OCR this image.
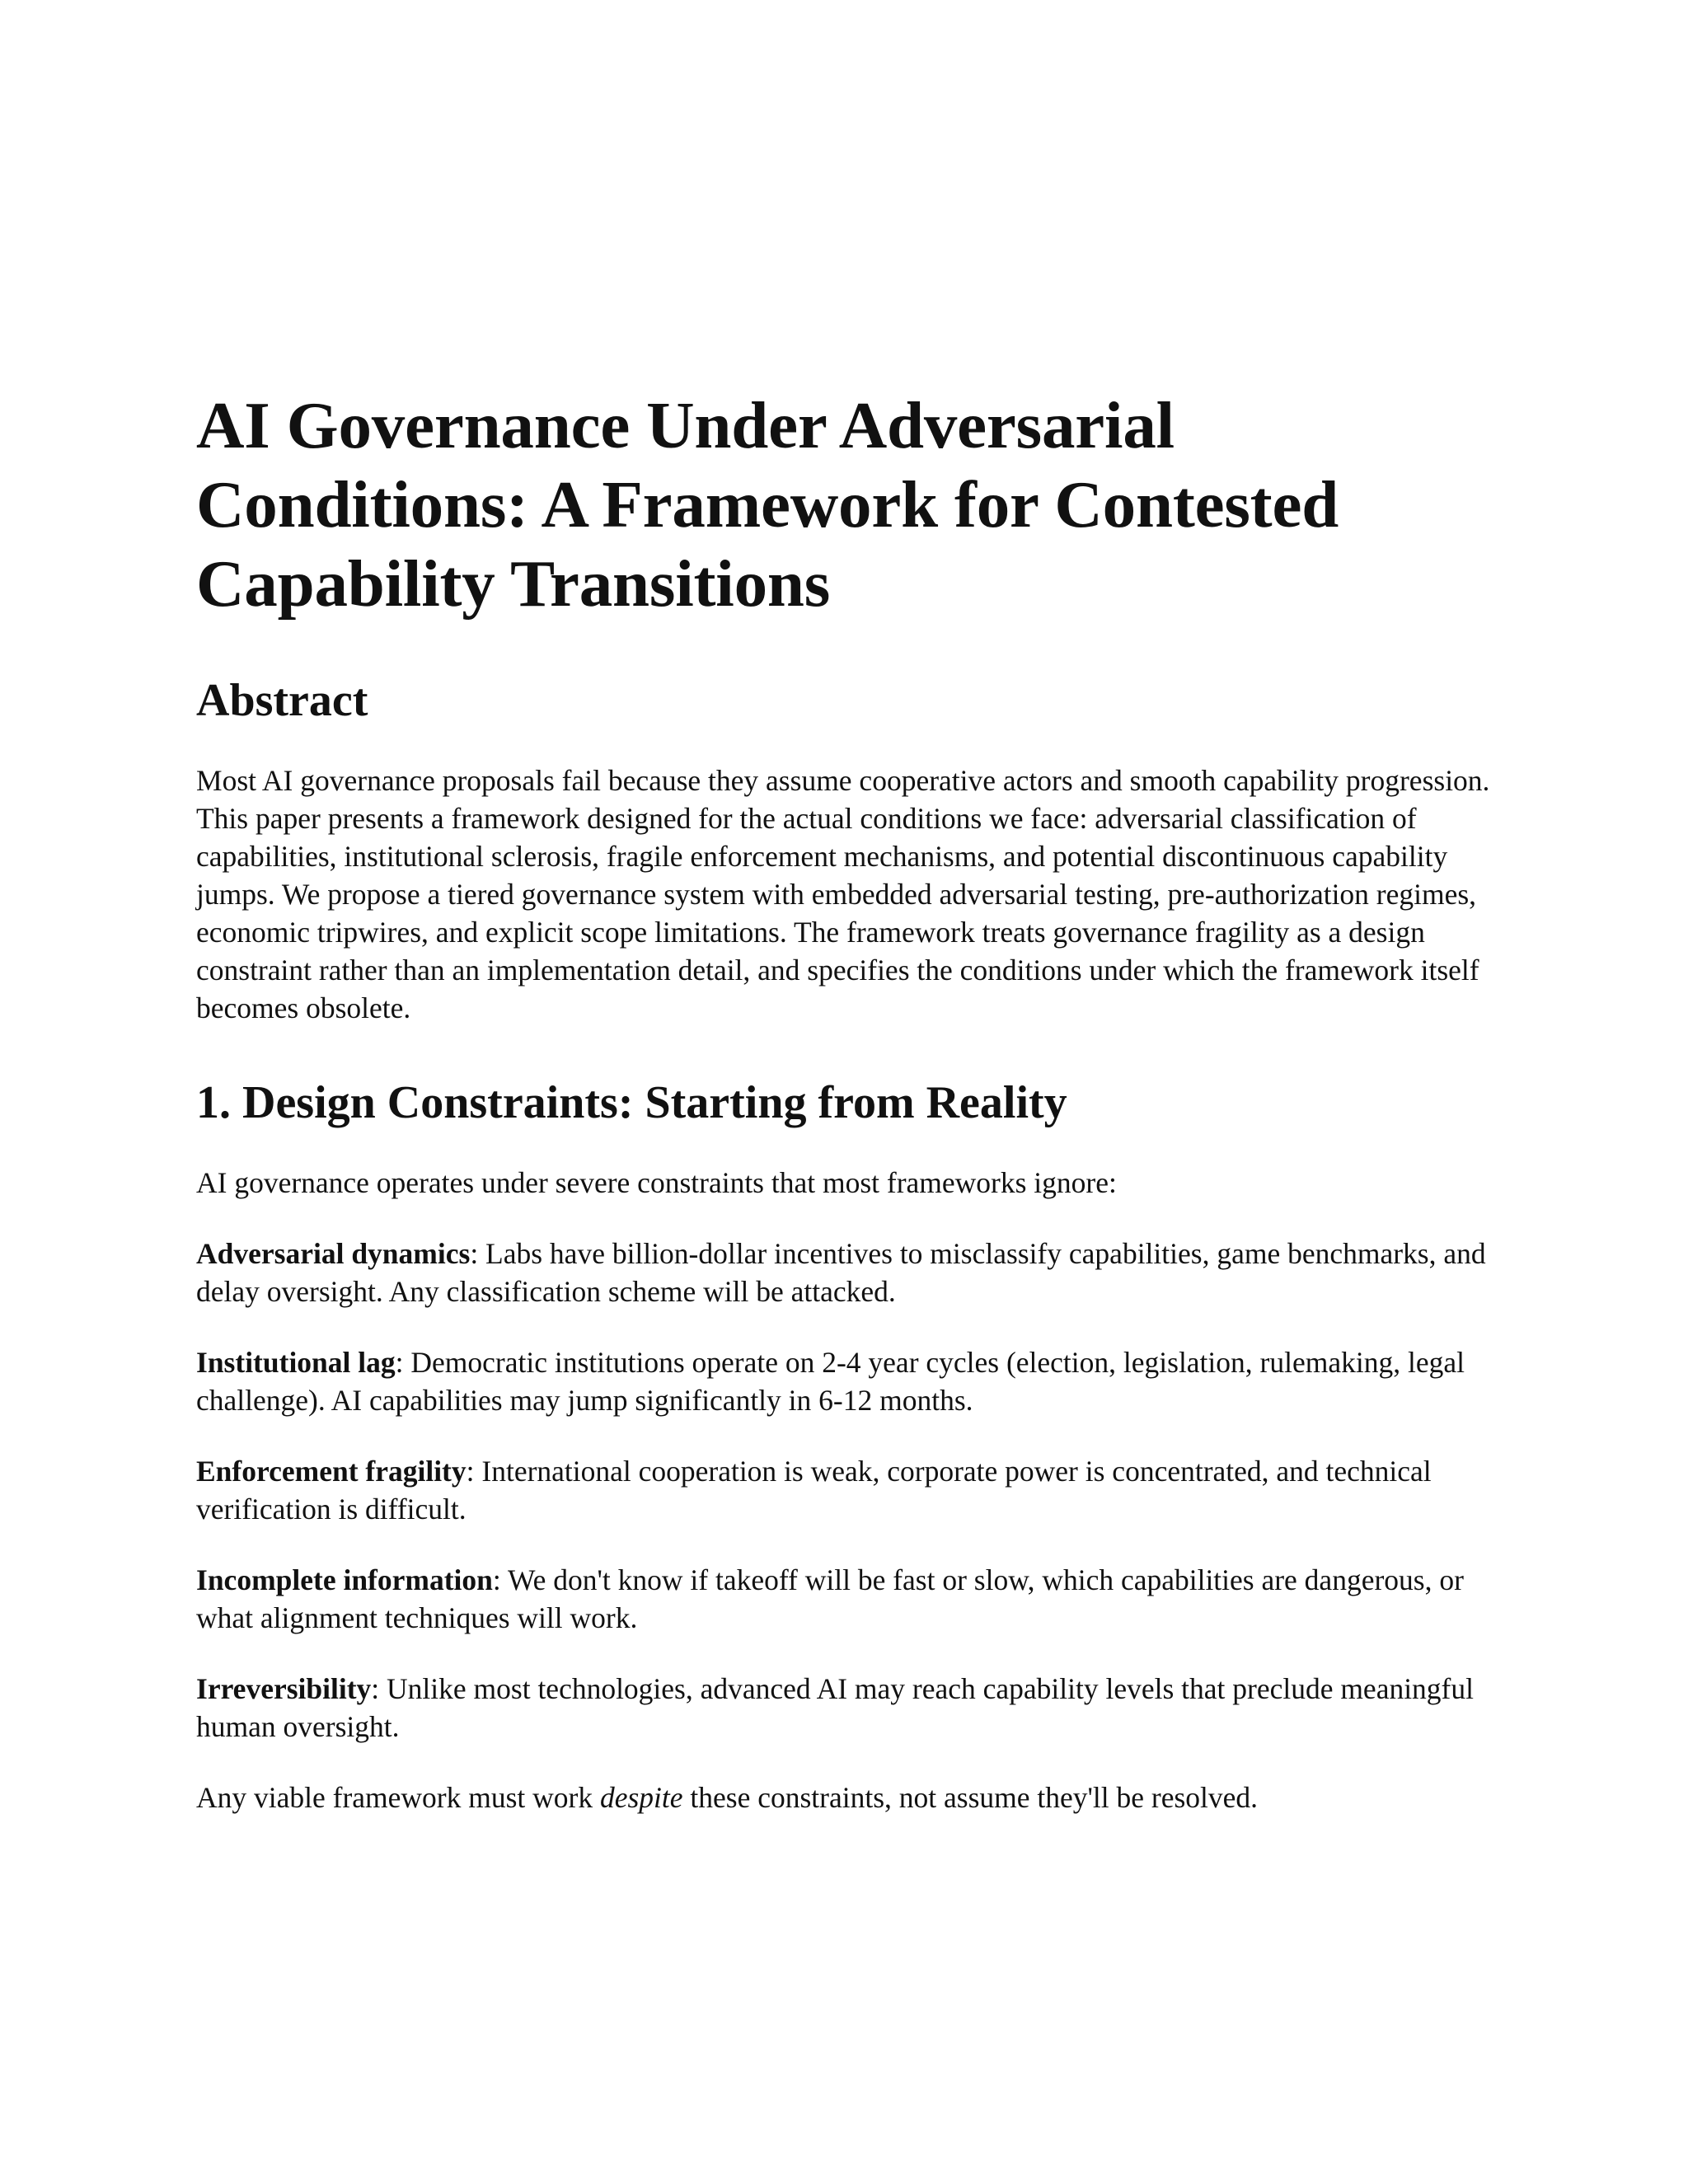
AI Governance Under Adversarial Conditions: A Framework for Contested Capability Transitions
Abstract

Most AI governance proposals fail because they assume cooperative actors and smooth capability progression. This paper presents a framework designed for the actual conditions we face: adversarial classification of capabilities, institutional sclerosis, fragile enforcement mechanisms, and potential discontinuous capability jumps. We propose a tiered governance system with embedded adversarial testing, pre-authorization regimes, economic tripwires, and explicit scope limitations. The framework treats governance fragility as a design constraint rather than an implementation detail, and specifies the conditions under which the framework itself becomes obsolete.

1. Design Constraints: Starting from Reality

AI governance operates under severe constraints that most frameworks ignore:

Adversarial dynamics: Labs have billion-dollar incentives to misclassify capabilities, game benchmarks, and delay oversight. Any classification scheme will be attacked.

Institutional lag: Democratic institutions operate on 2-4 year cycles (election, legislation, rulemaking, legal challenge). AI capabilities may jump significantly in 6-12 months.

Enforcement fragility: International cooperation is weak, corporate power is concentrated, and technical verification is difficult.

Incomplete information: We don't know if takeoff will be fast or slow, which capabilities are dangerous, or what alignment techniques will work.

Irreversibility: Unlike most technologies, advanced AI may reach capability levels that preclude meaningful human oversight.

Any viable framework must work despite these constraints, not assume they'll be resolved.
